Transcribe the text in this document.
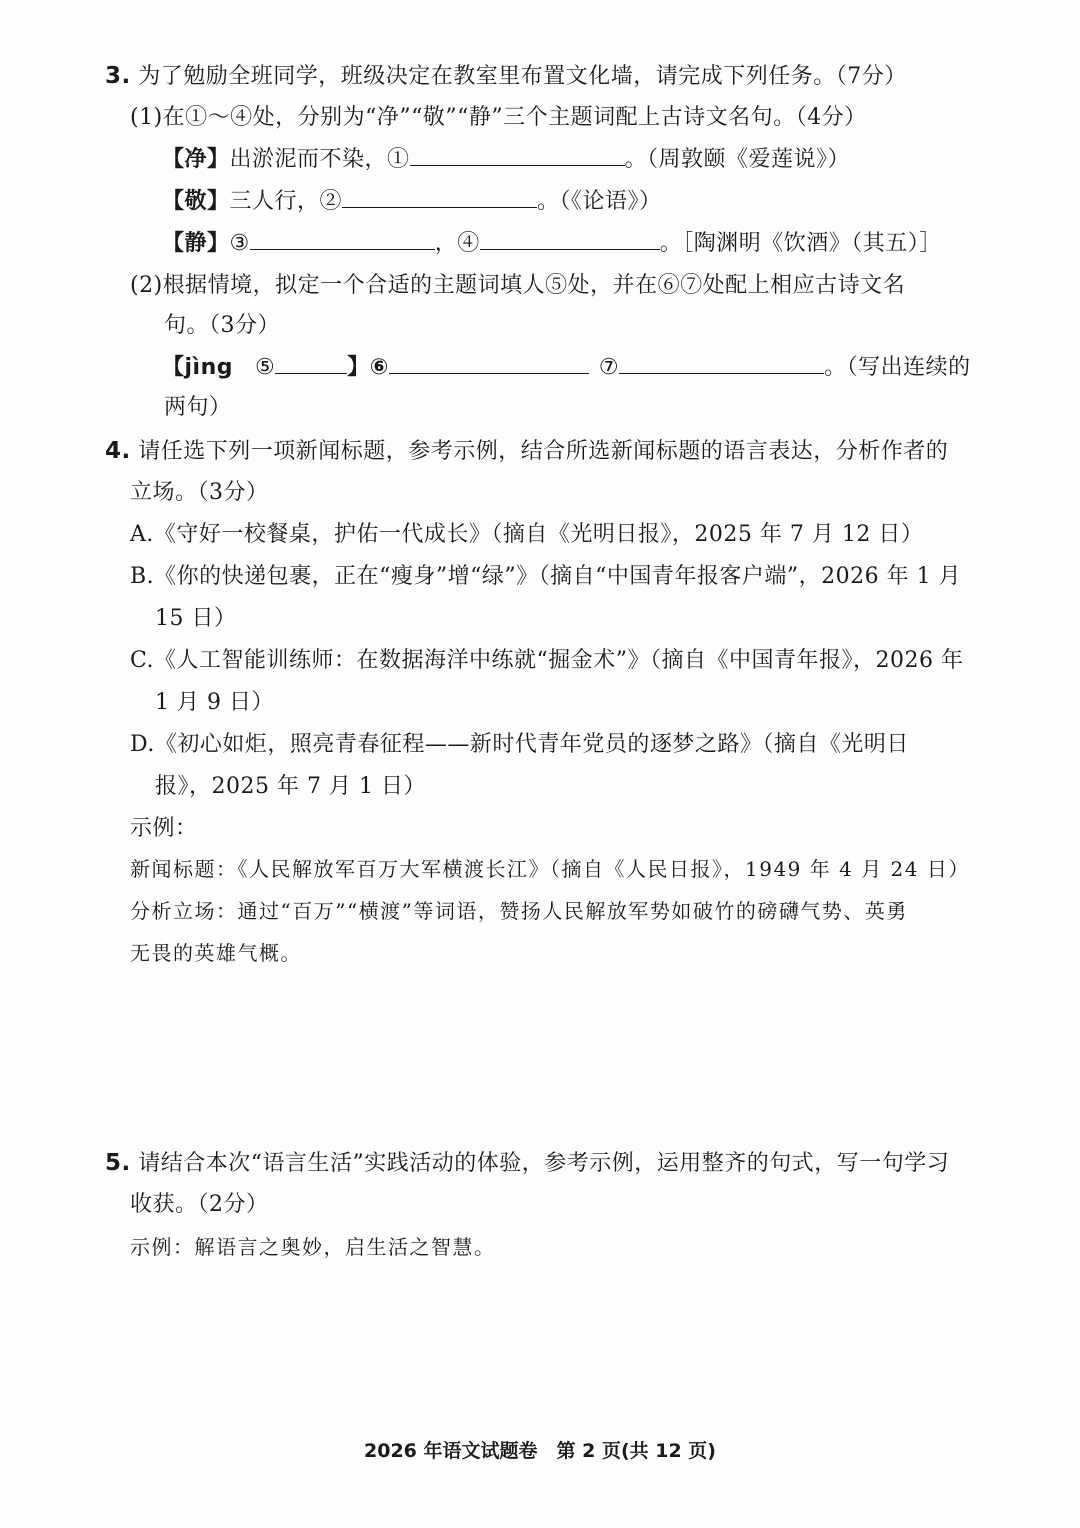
3. 为了勉励全班同学，班级决定在教室里布置文化墙，请完成下列任务。（7分）
(1)在①～④处，分别为“净”“敬”“静”三个主题词配上古诗文名句。（4分）
【净】出淤泥而不染，①	。（周敦颐《爱莲说》）
【敬】三人行，②	。（《论语》）
【静】③	，④	。［陶渊明《饮酒》（其五）］
(2)根据情境，拟定一个合适的主题词填人⑤处，并在⑥⑦处配上相应古诗文名
句。（3分）
【jìng ⑤	】⑥	⑦	。（写出连续的
两句）
4. 请任选下列一项新闻标题，参考示例，结合所选新闻标题的语言表达，分析作者的
立场。（3分）
A.《守好一校餐桌，护佑一代成长》（摘自《光明日报》，2025 年 7 月 12 日）
B.《你的快递包裹，正在“瘦身”增“绿”》（摘自“中国青年报客户端”，2026 年 1 月
15 日）
C.《人工智能训练师：在数据海洋中练就“掘金术”》（摘自《中国青年报》，2026 年
1 月 9 日）
D.《初心如炬，照亮青春征程——新时代青年党员的逐梦之路》（摘自《光明日
报》，2025 年 7 月 1 日）
示例：
新闻标题：《人民解放军百万大军横渡长江》（摘自《人民日报》，1949 年 4 月 24 日）
分析立场：通过“百万”“横渡”等词语，赞扬人民解放军势如破竹的磅礴气势、英勇
无畏的英雄气概。
5. 请结合本次“语言生活”实践活动的体验，参考示例，运用整齐的句式，写一句学习
收获。（2分）
示例：解语言之奥妙，启生活之智慧。
2026 年语文试题卷　第 2 页(共 12 页)
